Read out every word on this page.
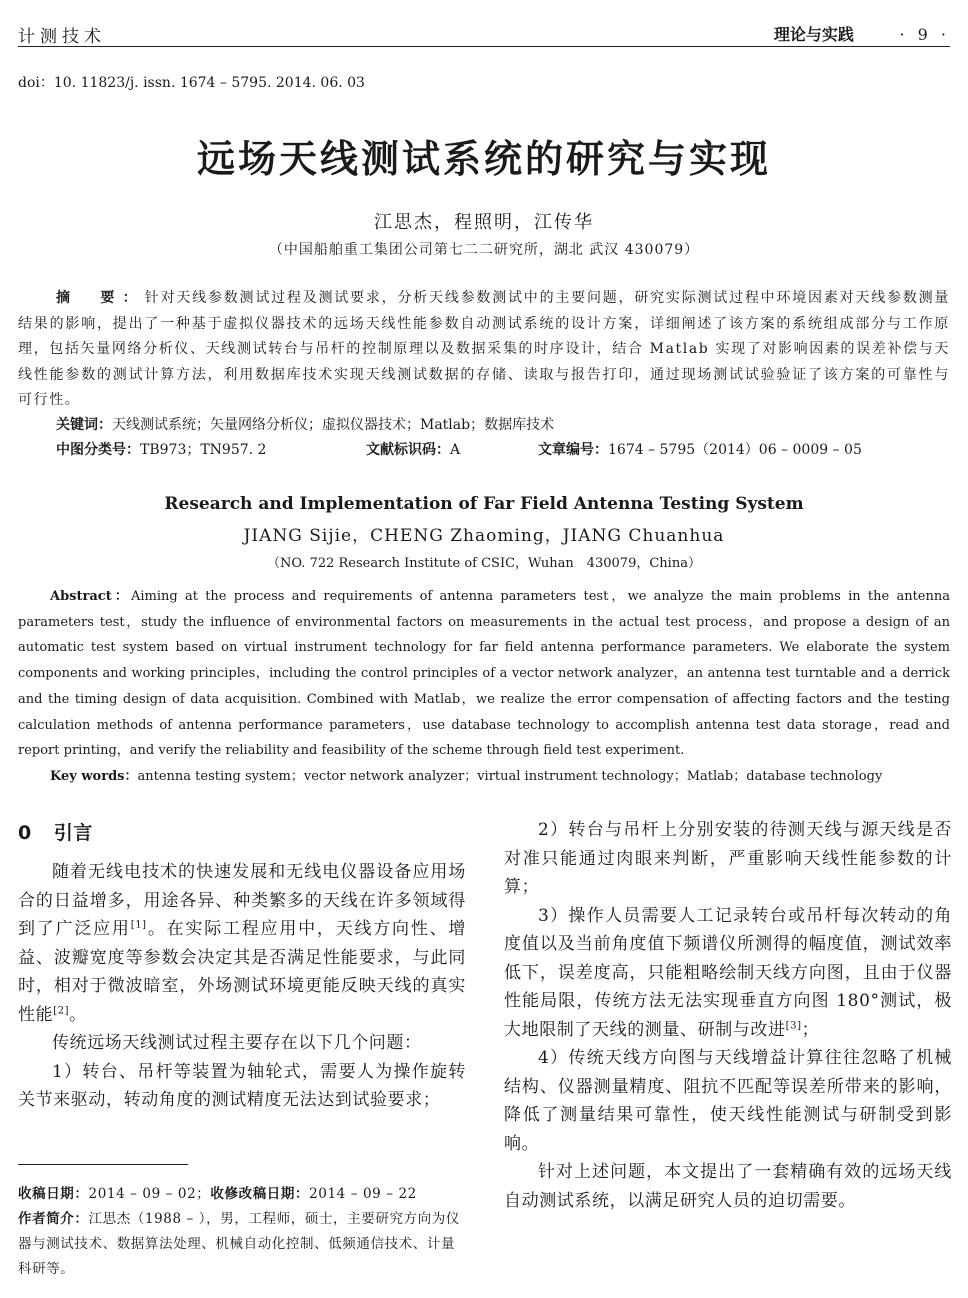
计测技术	理论与实践	· 9 ·
doi：10. 11823/j. issn. 1674 – 5795. 2014. 06. 03
远场天线测试系统的研究与实现
江思杰，程照明，江传华
（中国船舶重工集团公司第七二二研究所，湖北 武汉 430079）
摘　要：针对天线参数测试过程及测试要求，分析天线参数测试中的主要问题，研究实际测试过程中环境因素对天线参数测量结果的影响，提出了一种基于虚拟仪器技术的远场天线性能参数自动测试系统的设计方案，详细阐述了该方案的系统组成部分与工作原理，包括矢量网络分析仪、天线测试转台与吊杆的控制原理以及数据采集的时序设计，结合 Matlab 实现了对影响因素的误差补偿与天线性能参数的测试计算方法，利用数据库技术实现天线测试数据的存储、读取与报告打印，通过现场测试试验验证了该方案的可靠性与可行性。
关键词：天线测试系统；矢量网络分析仪；虚拟仪器技术；Matlab；数据库技术
中图分类号：TB973；TN957. 2	文献标识码：A	文章编号：1674 – 5795（2014）06 – 0009 – 05
Research and Implementation of Far Field Antenna Testing System
JIANG Sijie，CHENG Zhaoming，JIANG Chuanhua
（NO. 722 Research Institute of CSIC，Wuhan　430079，China）
Abstract：Aiming at the process and requirements of antenna parameters test，we analyze the main problems in the antenna parameters test，study the influence of environmental factors on measurements in the actual test process，and propose a design of an automatic test system based on virtual instrument technology for far field antenna performance parameters. We elaborate the system components and working principles，including the control principles of a vector network analyzer，an antenna test turntable and a derrick and the timing design of data acquisition. Combined with Matlab，we realize the error compensation of affecting factors and the testing calculation methods of antenna performance parameters，use database technology to accomplish antenna test data storage，read and report printing，and verify the reliability and feasibility of the scheme through field test experiment.
Key words：antenna testing system；vector network analyzer；virtual instrument technology；Matlab；database technology
0 引言

随着无线电技术的快速发展和无线电仪器设备应用场合的日益增多，用途各异、种类繁多的天线在许多领域得到了广泛应用[1]。在实际工程应用中，天线方向性、增益、波瓣宽度等参数会决定其是否满足性能要求，与此同时，相对于微波暗室，外场测试环境更能反映天线的真实性能[2]。

传统远场天线测试过程主要存在以下几个问题：

1）转台、吊杆等装置为轴轮式，需要人为操作旋转关节来驱动，转动角度的测试精度无法达到试验要求；

2）转台与吊杆上分别安装的待测天线与源天线是否对准只能通过肉眼来判断，严重影响天线性能参数的计算；

3）操作人员需要人工记录转台或吊杆每次转动的角度值以及当前角度值下频谱仪所测得的幅度值，测试效率低下，误差度高，只能粗略绘制天线方向图，且由于仪器性能局限，传统方法无法实现垂直方向图 180°测试，极大地限制了天线的测量、研制与改进[3]；

4）传统天线方向图与天线增益计算往往忽略了机械结构、仪器测量精度、阻抗不匹配等误差所带来的影响，降低了测量结果可靠性，使天线性能测试与研制受到影响。

针对上述问题，本文提出了一套精确有效的远场天线自动测试系统，以满足研究人员的迫切需要。

收稿日期：2014 – 09 – 02；收修改稿日期：2014 – 09 – 22
作者简介：江思杰（1988 – ），男，工程师，硕士，主要研究方向为仪器与测试技术、数据算法处理、机械自动化控制、低频通信技术、计量科研等。
